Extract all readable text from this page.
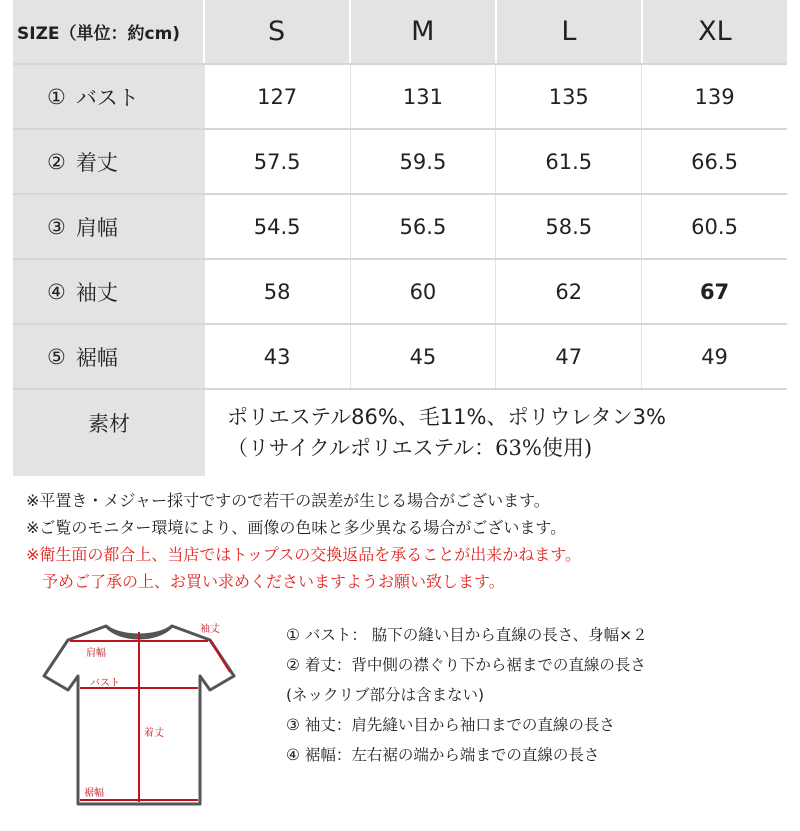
SIZE（単位：約cm)	S	M	L	XL
① バスト	127	131	135	139
② 着丈	57.5	59.5	61.5	66.5
③ 肩幅	54.5	56.5	58.5	60.5
④ 袖丈	58	60	62	67
⑤ 裾幅	43	45	47	49
素材	ポリエステル86%、毛11%、ポリウレタン3%
（リサイクルポリエステル：63%使用)
※平置き・メジャー採寸ですので若干の誤差が生じる場合がございます。
※ご覧のモニター環境により、画像の色味と多少異なる場合がございます。
※衛生面の都合上、当店ではトップスの交換返品を承ることが出来かねます。
予めご了承の上、お買い求めくださいますようお願い致します。
袖丈
肩幅
バスト
着丈
裾幅
① バスト： 脇下の縫い目から直線の長さ、身幅×２
② 着丈：背中側の襟ぐり下から裾までの直線の長さ
(ネックリブ部分は含まない)
③ 袖丈：肩先縫い目から袖口までの直線の長さ
④ 裾幅：左右裾の端から端までの直線の長さ
